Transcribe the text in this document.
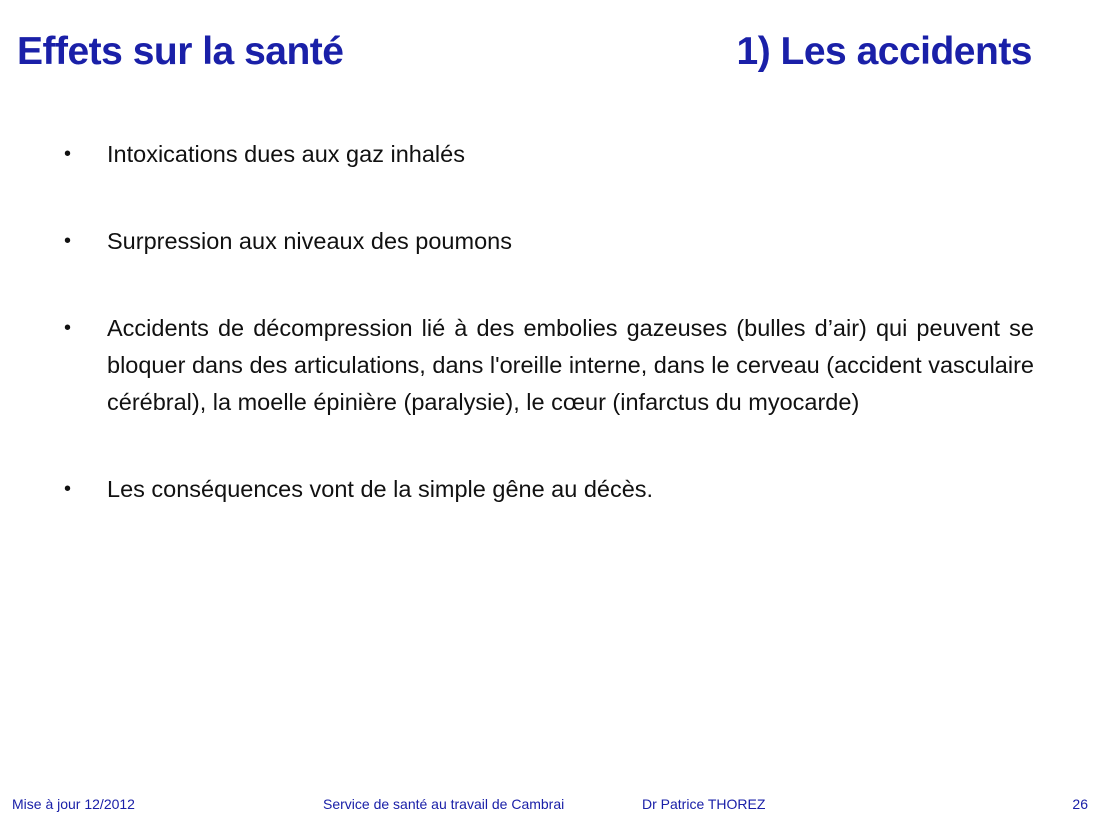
Effets sur la santé	1) Les accidents
•	Intoxications dues aux gaz inhalés
•	Surpression aux niveaux des poumons
•	Accidents de décompression lié à des embolies gazeuses (bulles d’air) qui peuvent se bloquer dans des articulations, dans l'oreille interne, dans le cerveau (accident vasculaire cérébral), la moelle épinière (paralysie), le cœur (infarctus du myocarde)
•	Les conséquences vont de la simple gêne au décès.
Mise à jour 12/2012	Service de santé au travail de Cambrai	Dr Patrice THOREZ	26
